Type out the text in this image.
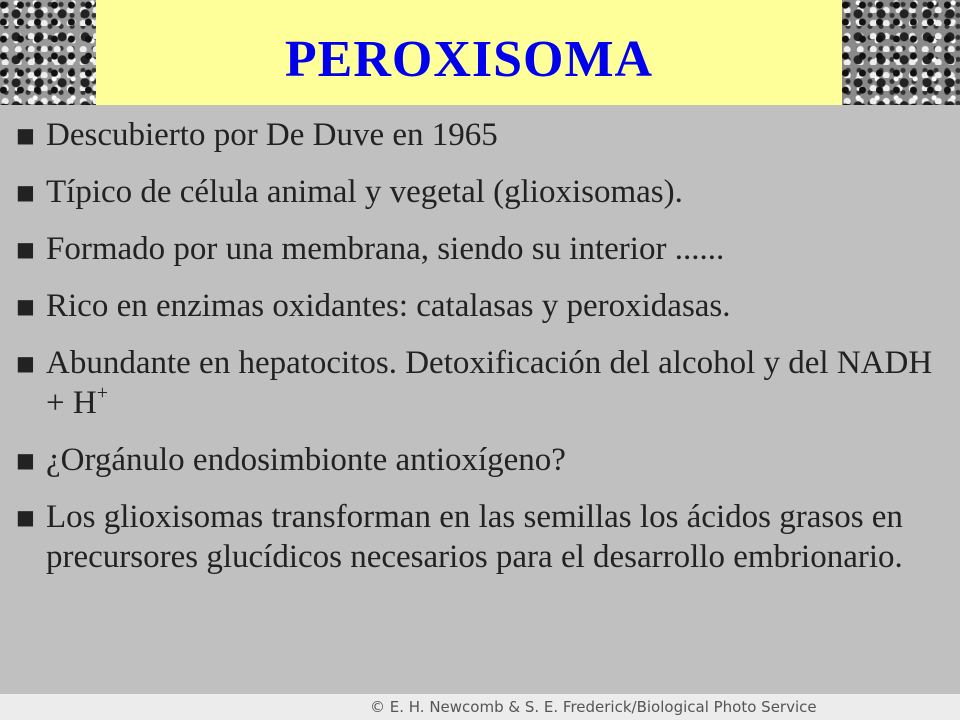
PEROXISOMA
■ Descubierto por De Duve en 1965
■ Típico de célula animal y vegetal (glioxisomas).
■ Formado por una membrana, siendo su interior ......
■ Rico en enzimas oxidantes: catalasas y peroxidasas.
■ Abundante en hepatocitos. Detoxificación del alcohol y del NADH + H+
■ ¿Orgánulo endosimbionte antioxígeno?
■ Los glioxisomas transforman en las semillas los ácidos grasos en precursores glucídicos necesarios para el desarrollo embrionario.
© E. H. Newcomb & S. E. Frederick/Biological Photo Service
